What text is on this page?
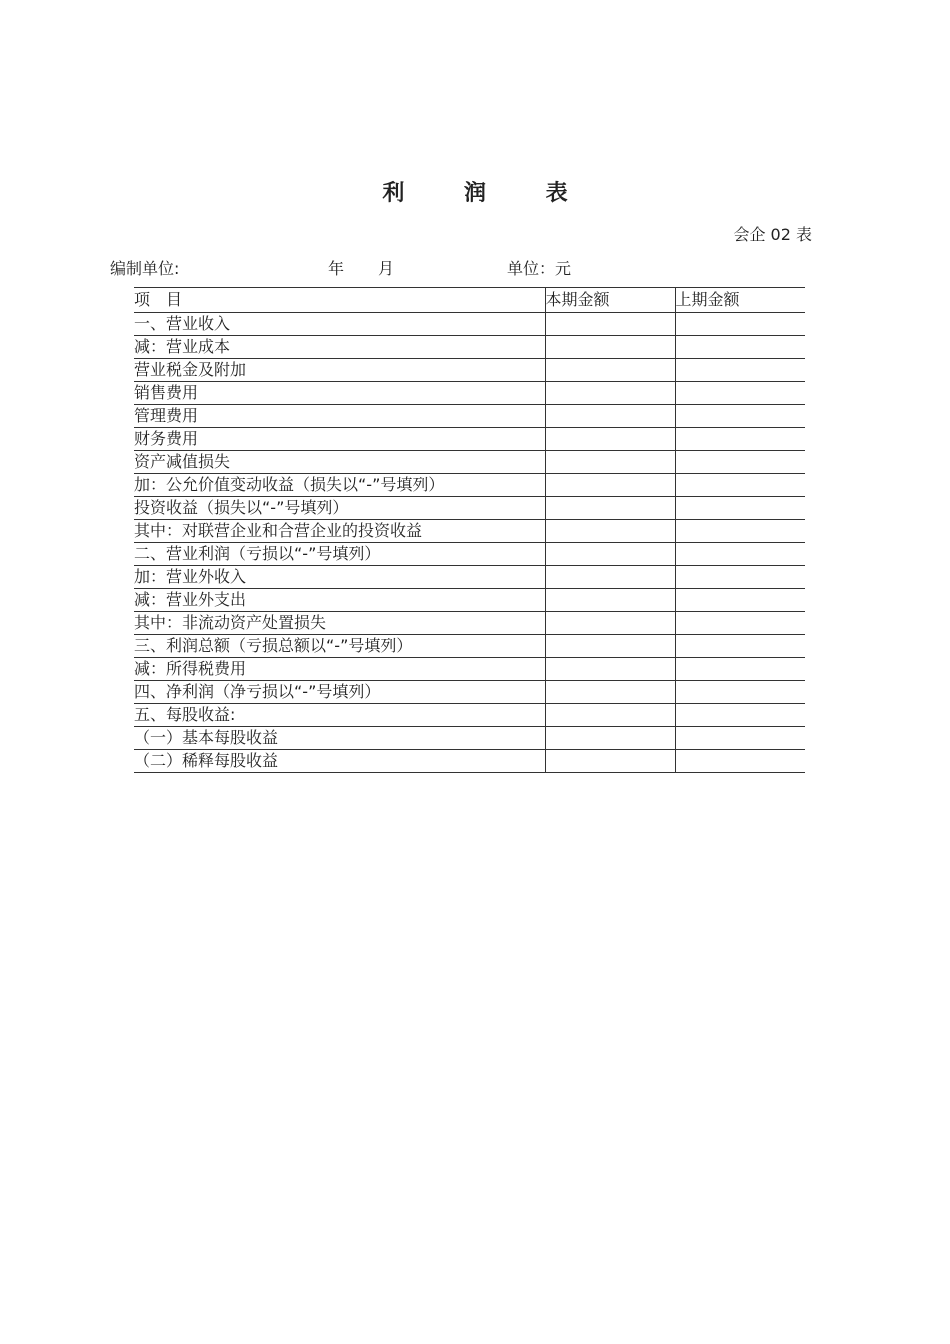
利 润 表
会企 02 表
编制单位:	年 月	单位：元
项　目	本期金额	上期金额
一、营业收入		
减：营业成本		
营业税金及附加		
销售费用		
管理费用		
财务费用		
资产减值损失		
加：公允价值变动收益（损失以“-”号填列）		
投资收益（损失以“-”号填列）		
其中：对联营企业和合营企业的投资收益		
二、营业利润（亏损以“-”号填列）		
加：营业外收入		
减：营业外支出		
其中：非流动资产处置损失		
三、利润总额（亏损总额以“-”号填列）		
减：所得税费用		
四、净利润（净亏损以“-”号填列）		
五、每股收益:		
（一）基本每股收益		
（二）稀释每股收益		
